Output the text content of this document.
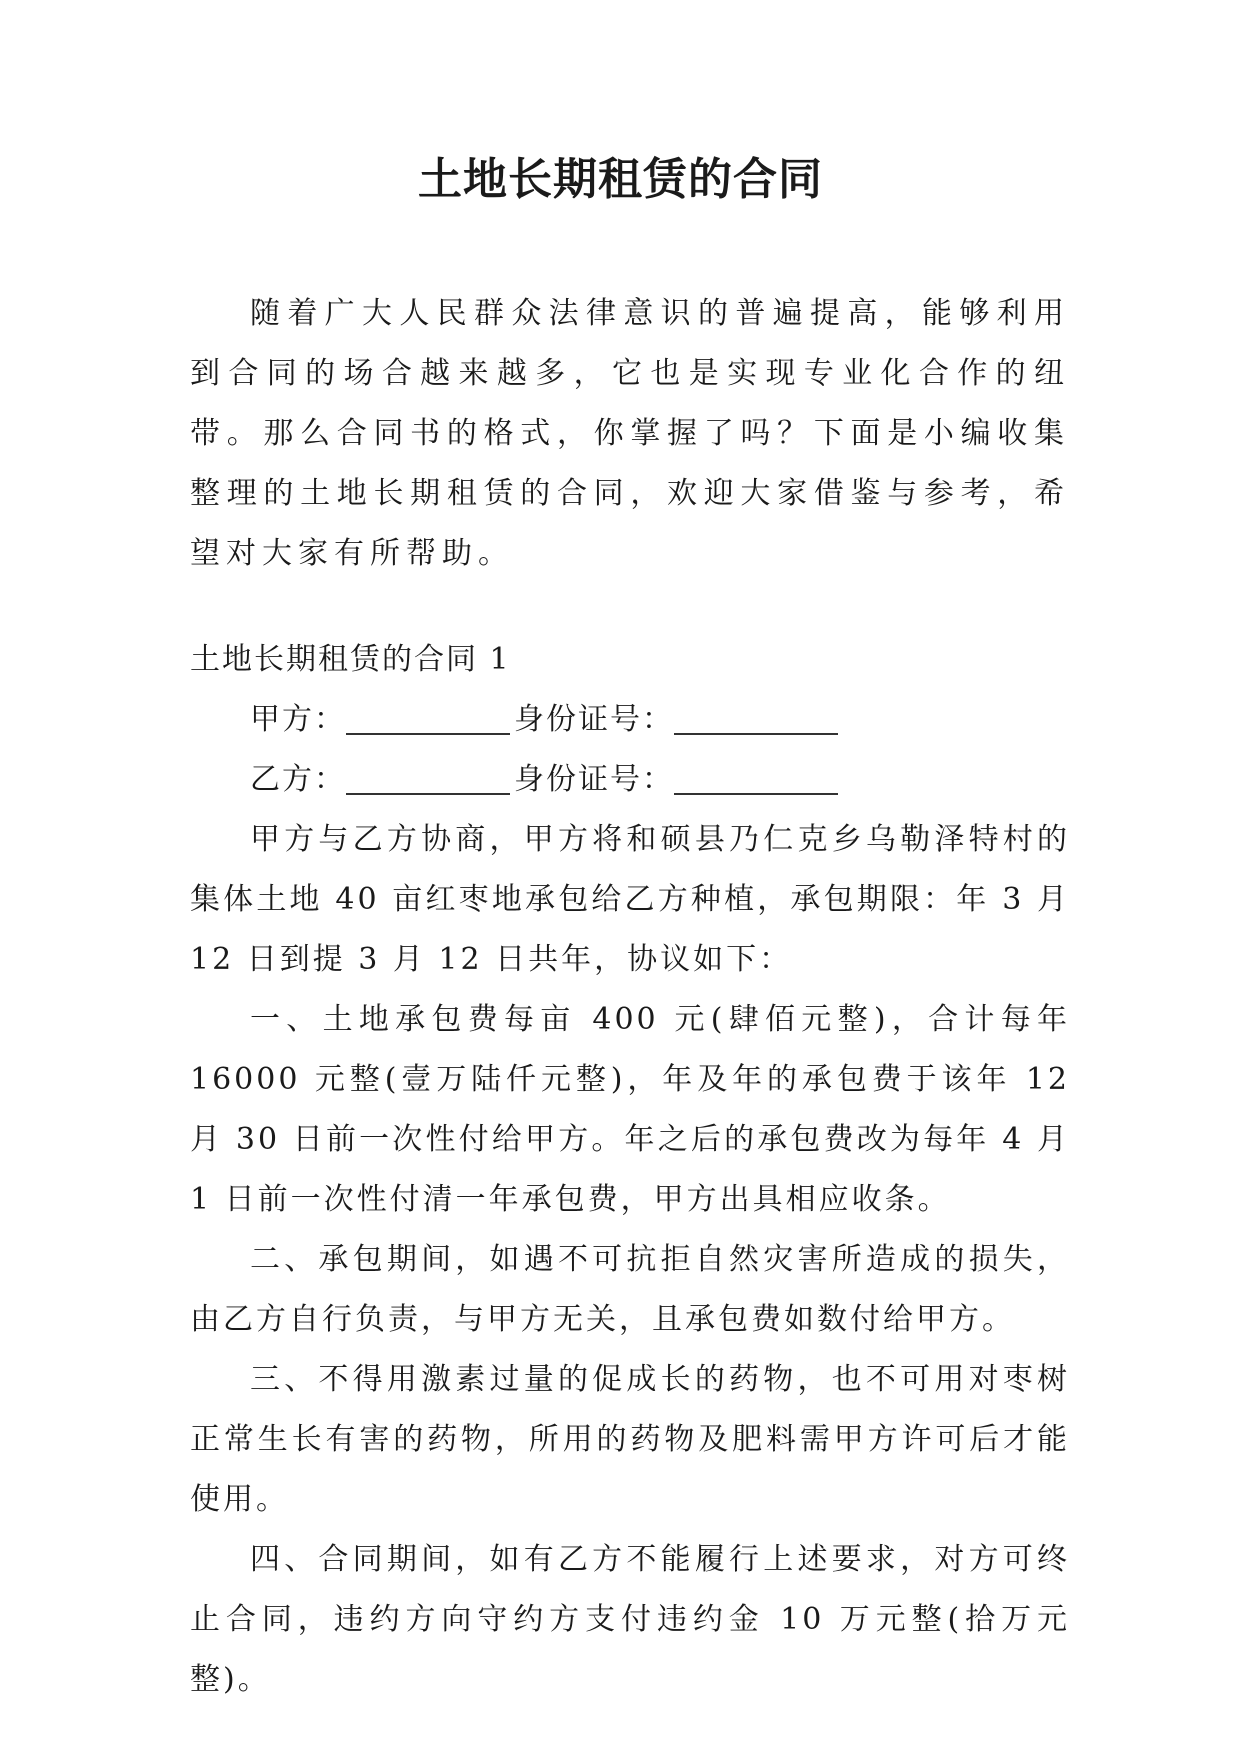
土地长期租赁的合同

随着广大人民群众法律意识的普遍提高，能够利用到合同的场合越来越多，它也是实现专业化合作的纽带。那么合同书的格式，你掌握了吗？下面是小编收集整理的土地长期租赁的合同，欢迎大家借鉴与参考，希望对大家有所帮助。

土地长期租赁的合同 1

甲方：	身份证号：

乙方：	身份证号：

甲方与乙方协商，甲方将和硕县乃仁克乡乌勒泽特村的集体土地 40 亩红枣地承包给乙方种植，承包期限：年 3 月 12 日到提 3 月 12 日共年，协议如下：

一、土地承包费每亩 400 元(肆佰元整)，合计每年 16000 元整(壹万陆仟元整)，年及年的承包费于该年 12 月 30 日前一次性付给甲方。年之后的承包费改为每年 4 月 1 日前一次性付清一年承包费，甲方出具相应收条。

二、承包期间，如遇不可抗拒自然灾害所造成的损失，由乙方自行负责，与甲方无关，且承包费如数付给甲方。

三、不得用激素过量的促成长的药物，也不可用对枣树正常生长有害的药物，所用的药物及肥料需甲方许可后才能使用。

四、合同期间，如有乙方不能履行上述要求，对方可终止合同，违约方向守约方支付违约金 10 万元整(拾万元整)。
